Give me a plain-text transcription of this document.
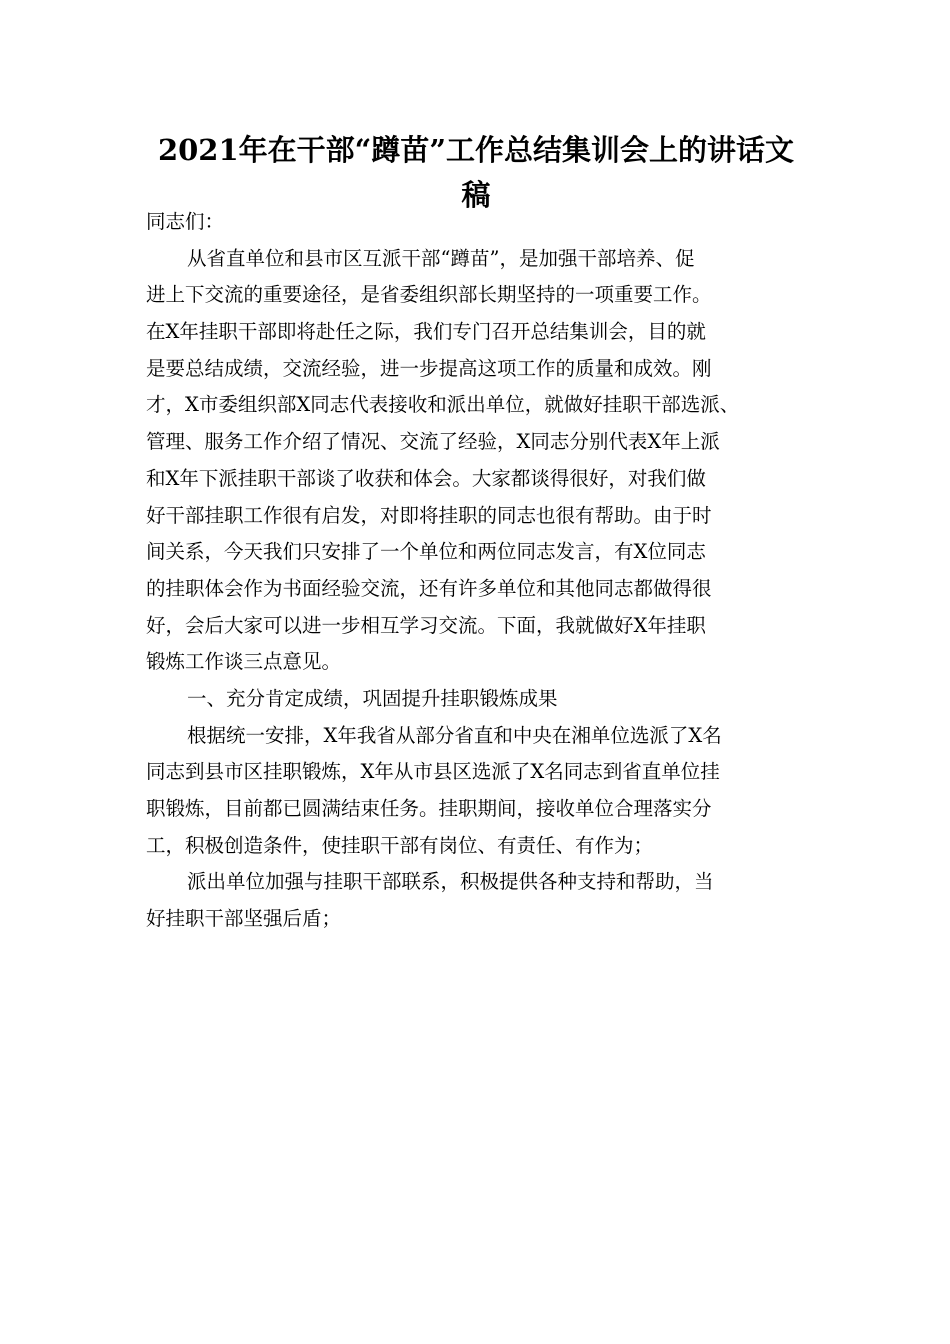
2021年在干部“蹲苗”工作总结集训会上的讲话文
稿
同志们：
从省直单位和县市区互派干部“蹲苗”，是加强干部培养、促
进上下交流的重要途径，是省委组织部长期坚持的一项重要工作。
在X年挂职干部即将赴任之际，我们专门召开总结集训会，目的就
是要总结成绩，交流经验，进一步提高这项工作的质量和成效。刚
才，X市委组织部X同志代表接收和派出单位，就做好挂职干部选派、
管理、服务工作介绍了情况、交流了经验，X同志分别代表X年上派
和X年下派挂职干部谈了收获和体会。大家都谈得很好，对我们做
好干部挂职工作很有启发，对即将挂职的同志也很有帮助。由于时
间关系，今天我们只安排了一个单位和两位同志发言，有X位同志
的挂职体会作为书面经验交流，还有许多单位和其他同志都做得很
好，会后大家可以进一步相互学习交流。下面，我就做好X年挂职
锻炼工作谈三点意见。
一、充分肯定成绩，巩固提升挂职锻炼成果
根据统一安排，X年我省从部分省直和中央在湘单位选派了X名
同志到县市区挂职锻炼，X年从市县区选派了X名同志到省直单位挂
职锻炼，目前都已圆满结束任务。挂职期间，接收单位合理落实分
工，积极创造条件，使挂职干部有岗位、有责任、有作为；
派出单位加强与挂职干部联系，积极提供各种支持和帮助，当
好挂职干部坚强后盾；
